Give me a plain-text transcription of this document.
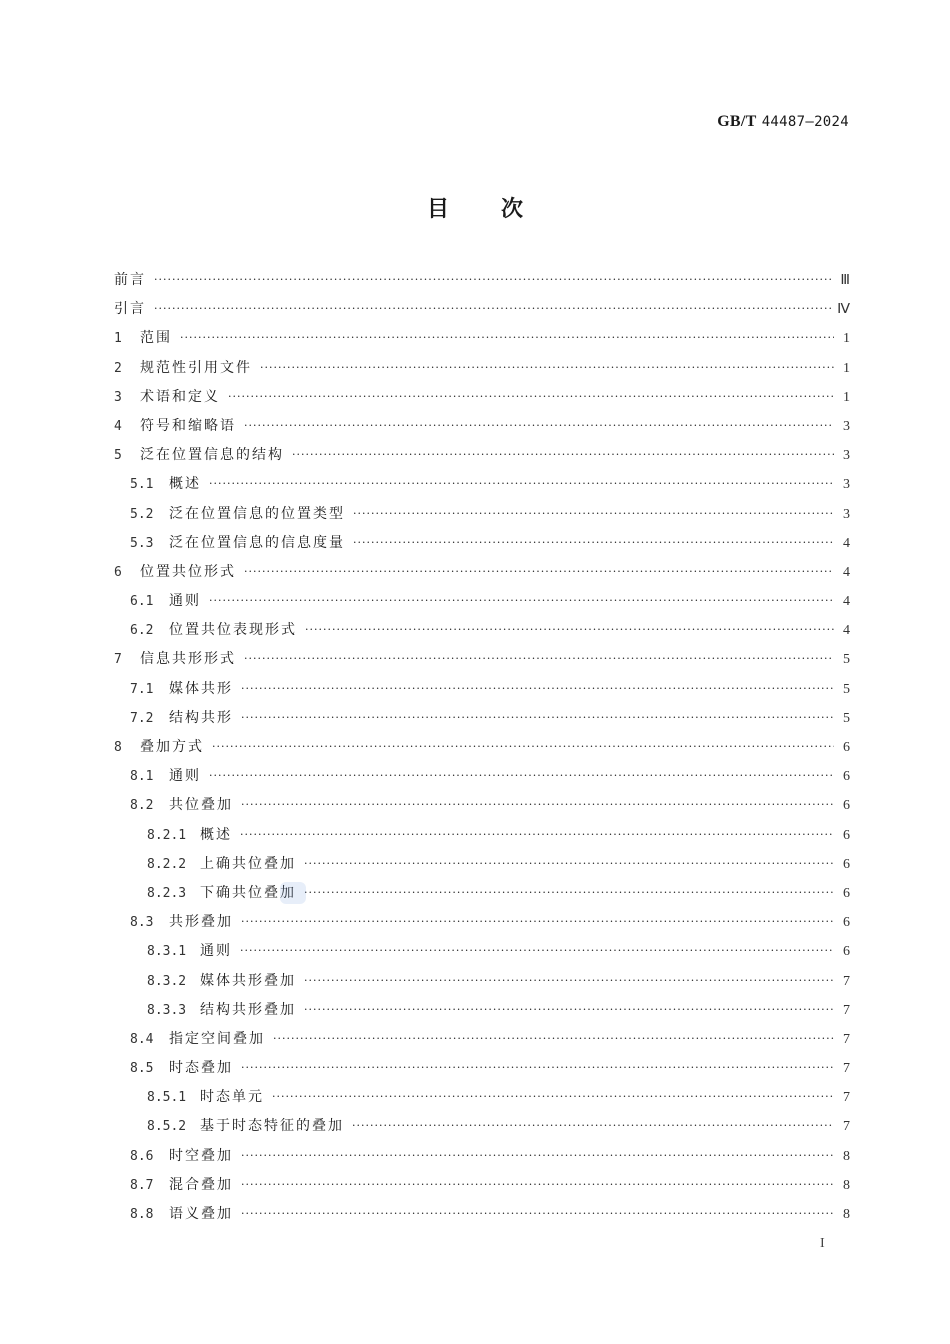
GB/T 44487—2024
目次
前言 ·····	Ⅲ
引言 ·····	Ⅳ
1	范围 ·····	1
2	规范性引用文件 ·····	1
3	术语和定义 ·····	1
4	符号和缩略语 ·····	3
5	泛在位置信息的结构 ·····	3
5.1	概述 ·····	3
5.2	泛在位置信息的位置类型 ·····	3
5.3	泛在位置信息的信息度量 ·····	4
6	位置共位形式 ·····	4
6.1	通则 ·····	4
6.2	位置共位表现形式 ·····	4
7	信息共形形式 ·····	5
7.1	媒体共形 ·····	5
7.2	结构共形 ·····	5
8	叠加方式 ·····	6
8.1	通则 ·····	6
8.2	共位叠加 ·····	6
8.2.1 概述 ·····	6
8.2.2 上确共位叠加 ·····	6
8.2.3 下确共位叠加 ·····	6
8.3	共形叠加 ·····	6
8.3.1 通则 ·····	6
8.3.2 媒体共形叠加 ·····	7
8.3.3 结构共形叠加 ·····	7
8.4	指定空间叠加 ·····	7
8.5	时态叠加 ·····	7
8.5.1 时态单元 ·····	7
8.5.2 基于时态特征的叠加 ·····	7
8.6	时空叠加 ·····	8
8.7	混合叠加 ·····	8
8.8	语义叠加 ·····	8
I
